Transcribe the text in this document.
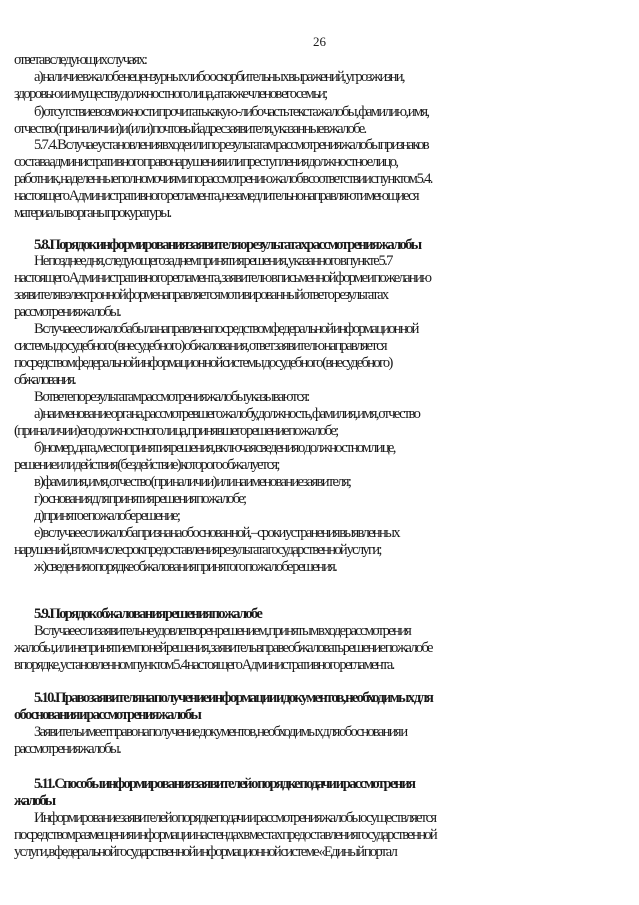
26
ответа в следующих случаях:
а) наличие в жалобе нецензурных либо оскорбительных выражений, угроз жизни,
здоровью и имуществу должностного лица, а также членов его семьи;
б) отсутствие возможности прочитать какую-либо часть текста жалобы, фамилию, имя,
отчество (при наличии) и (или) почтовый адрес заявителя, указанные в жалобе.
5.7.4. В случае установления в ходе или по результатам рассмотрения жалобы признаков
состава административного правонарушения или преступления должностное лицо,
работник, наделенные полномочиями по рассмотрению жалоб в соответствии с пунктом 5.4.
настоящего Административного регламента, незамедлительно направляют имеющиеся
материалы в органы прокуратуры.
5.8. Порядок информирования заявителя о результатах рассмотрения жалобы
Не позднее дня, следующего за днем принятия решения, указанного в пункте 5.7
настоящего Административного регламента, заявителю в письменной форме и по желанию
заявителя в электронной форме направляется мотивированный ответ о результатах
рассмотрения жалобы.
В случае если жалоба была направлена посредством федеральной информационной
системы досудебного (внесудебного) обжалования, ответ заявителю направляется
посредством федеральной информационной системы досудебного (внесудебного)
обжалования.
В ответе по результатам рассмотрения жалобы указываются:
а) наименование органа, рассмотревшего жалобу, должность, фамилия, имя, отчество
(при наличии) его должностного лица, принявшего решение по жалобе;
б) номер, дата, место принятия решения, включая сведения о должностном лице,
решение или действия (бездействие) которого обжалуется;
в) фамилия, имя, отчество (при наличии) или наименование заявителя;
г) основания для принятия решения по жалобе;
д) принятое по жалобе решение;
е) в случае если жалоба признана обоснованной, – сроки устранения выявленных
нарушений, в том числе срок предоставления результата государственной услуги;
ж) сведения о порядке обжалования принятого по жалобе решения.
5.9. Порядок обжалования решения по жалобе
В случае если заявитель не удовлетворен решением, принятым в ходе рассмотрения
жалобы, или непринятием по ней решения, заявитель вправе обжаловать решение по жалобе
в порядке, установленном пунктом 5.4 настоящего Административного регламента.
5.10. Право заявителя на получение информации и документов, необходимых для
обоснования и рассмотрения жалобы
Заявитель имеет право на получение документов, необходимых для обоснования и
рассмотрения жалобы.
5.11. Способы информирования заявителей о порядке подачи и рассмотрения
жалобы
Информирование заявителей о порядке подачи и рассмотрения жалобы осуществляется
посредством размещения информации на стендах в местах предоставления государственной
услуги, в федеральной государственной информационной системе «Единый портал
